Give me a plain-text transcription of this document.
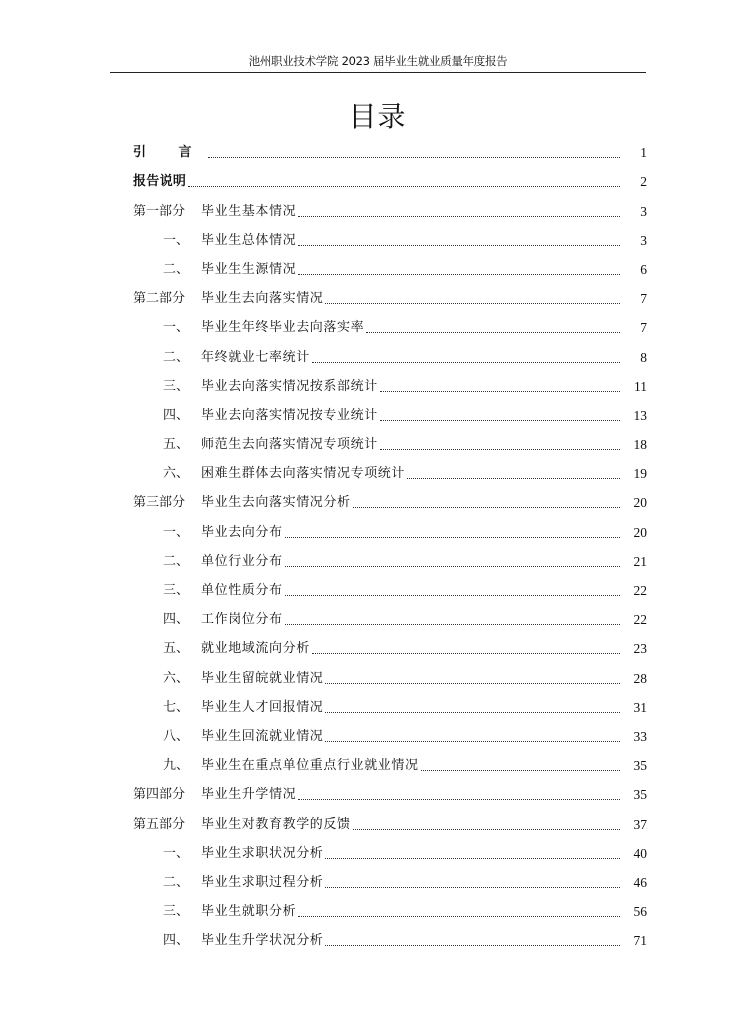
池州职业技术学院 2023 届毕业生就业质量年度报告
目录
引 言	1
报告说明	2
第一部分	毕业生基本情况	3
一、 毕业生总体情况	3
二、 毕业生生源情况	6
第二部分	毕业生去向落实情况	7
一、 毕业生年终毕业去向落实率	7
二、 年终就业七率统计	8
三、 毕业去向落实情况按系部统计	11
四、 毕业去向落实情况按专业统计	13
五、 师范生去向落实情况专项统计	18
六、 困难生群体去向落实情况专项统计	19
第三部分	毕业生去向落实情况分析	20
一、 毕业去向分布	20
二、 单位行业分布	21
三、 单位性质分布	22
四、 工作岗位分布	22
五、 就业地域流向分析	23
六、 毕业生留皖就业情况	28
七、 毕业生人才回报情况	31
八、 毕业生回流就业情况	33
九、 毕业生在重点单位重点行业就业情况	35
第四部分	毕业生升学情况	35
第五部分	毕业生对教育教学的反馈	37
一、 毕业生求职状况分析	40
二、 毕业生求职过程分析	46
三、 毕业生就职分析	56
四、 毕业生升学状况分析	71
